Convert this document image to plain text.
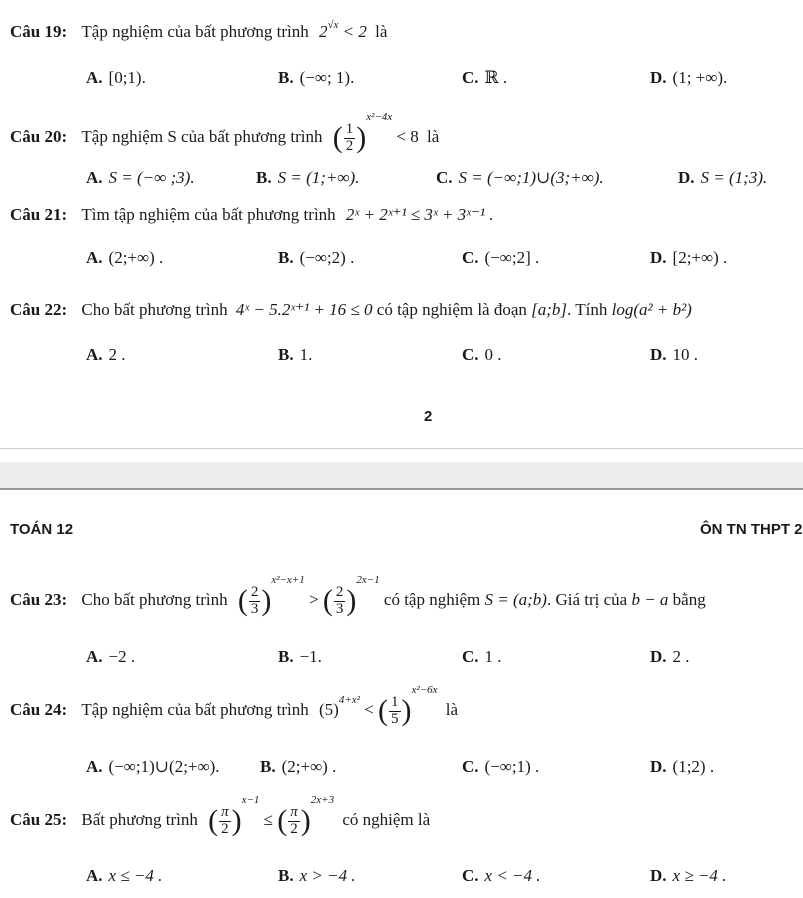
Câu 19: Tập nghiệm của bất phương trình $2^{√x} < 2$ là
A. [0;1).	B. (−∞; 1).	C. ℝ .	D. (1; +∞).
Câu 20: Tập nghiệm S của bất phương trình ( $\frac{1}{2} )^{x^2-4x} < 8$ là
A. S = (−∞ ;3).	B. S = (1;+∞).	C. S = (−∞;1)∪(3;+∞).	D. S = (1;3).
Câu 21: Tìm tập nghiệm của bất phương trình 2ˣ + 2ˣ⁺¹ ≤ 3ˣ + 3ˣ⁻¹ .
A. (2;+∞) .	B. (−∞;2) .	C. (−∞;2] .	D. [2;+∞) .
Câu 22: Cho bất phương trình 4ˣ − 5.2ˣ⁺¹ + 16 ≤ 0 có tập nghiệm là đoạn [a;b]. Tính log(a² + b²)
A. 2 .	B. 1.	C. 0 .	D. 10 .
2
TOÁN 12	ÔN TN THPT 2
Câu 23: Cho bất phương trình ( $\frac{2}{3} )^{x^2-x+1}$ > ( $\frac{2}{3} )^{2x-1}$ có tập nghiệm S = (a;b). Giá trị của b − a bằng
A. −2 .	B. −1.	C. 1 .	D. 2 .
Câu 24: Tập nghiệm của bất phương trình $(5)^{4+x^2}$ < ( $\frac{1}{5} )^{x^2-6x}$ là
A. (−∞;1)∪(2;+∞). B. (2;+∞) .	C. (−∞;1) .	D. (1;2) .
Câu 25: Bất phương trình ( $\frac{\pi}{2} )^{x-1}$ ≤ ( $\frac{\pi}{2} )^{2x+3}$ có nghiệm là
A. x ≤ −4 .	B. x > −4 .	C. x < −4 .	D. x ≥ −4 .
